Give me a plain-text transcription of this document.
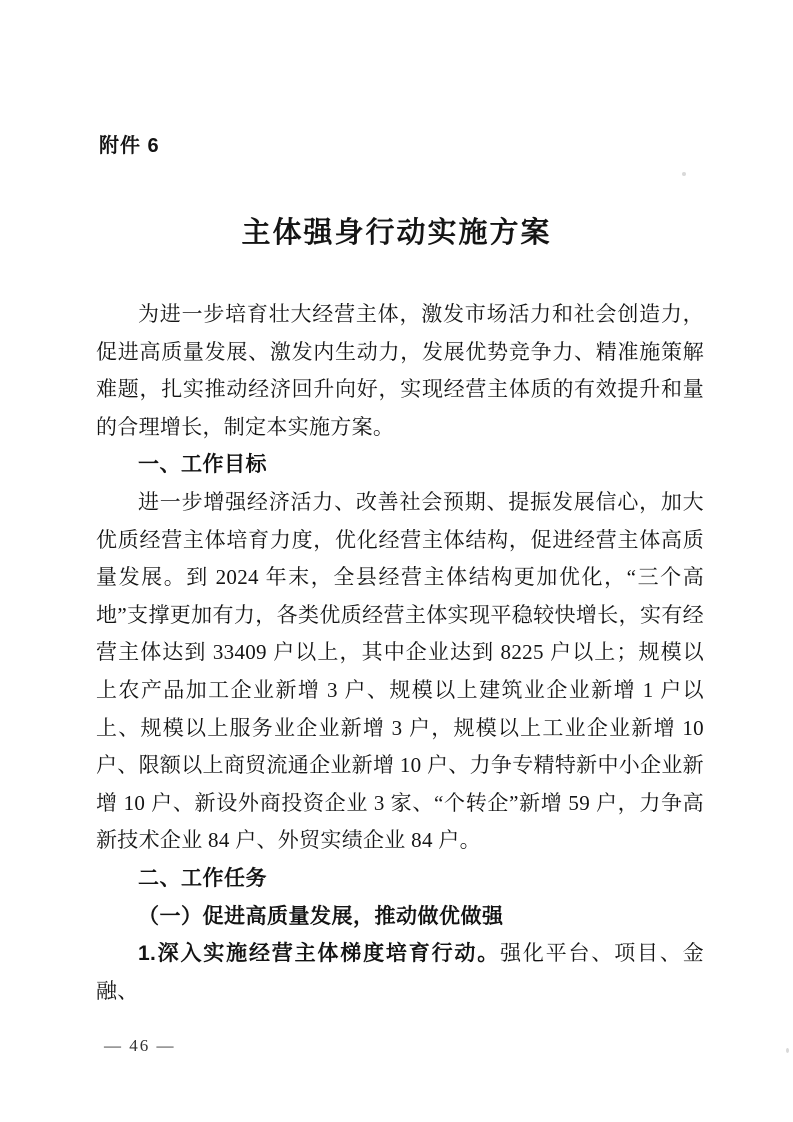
附件 6
主体强身行动实施方案

为进一步培育壮大经营主体，激发市场活力和社会创造力，促进高质量发展、激发内生动力，发展优势竞争力、精准施策解难题，扎实推动经济回升向好，实现经营主体质的有效提升和量的合理增长，制定本实施方案。

一、工作目标

进一步增强经济活力、改善社会预期、提振发展信心，加大优质经营主体培育力度，优化经营主体结构，促进经营主体高质量发展。到 2024 年末，全县经营主体结构更加优化，“三个高地”支撑更加有力，各类优质经营主体实现平稳较快增长，实有经营主体达到 33409 户以上，其中企业达到 8225 户以上；规模以上农产品加工企业新增 3 户、规模以上建筑业企业新增 1 户以上、规模以上服务业企业新增 3 户，规模以上工业企业新增 10 户、限额以上商贸流通企业新增 10 户、力争专精特新中小企业新增 10 户、新设外商投资企业 3 家、“个转企”新增 59 户，力争高新技术企业 84 户、外贸实绩企业 84 户。

二、工作任务

（一）促进高质量发展，推动做优做强

1.深入实施经营主体梯度培育行动。强化平台、项目、金融、

— 46 —
